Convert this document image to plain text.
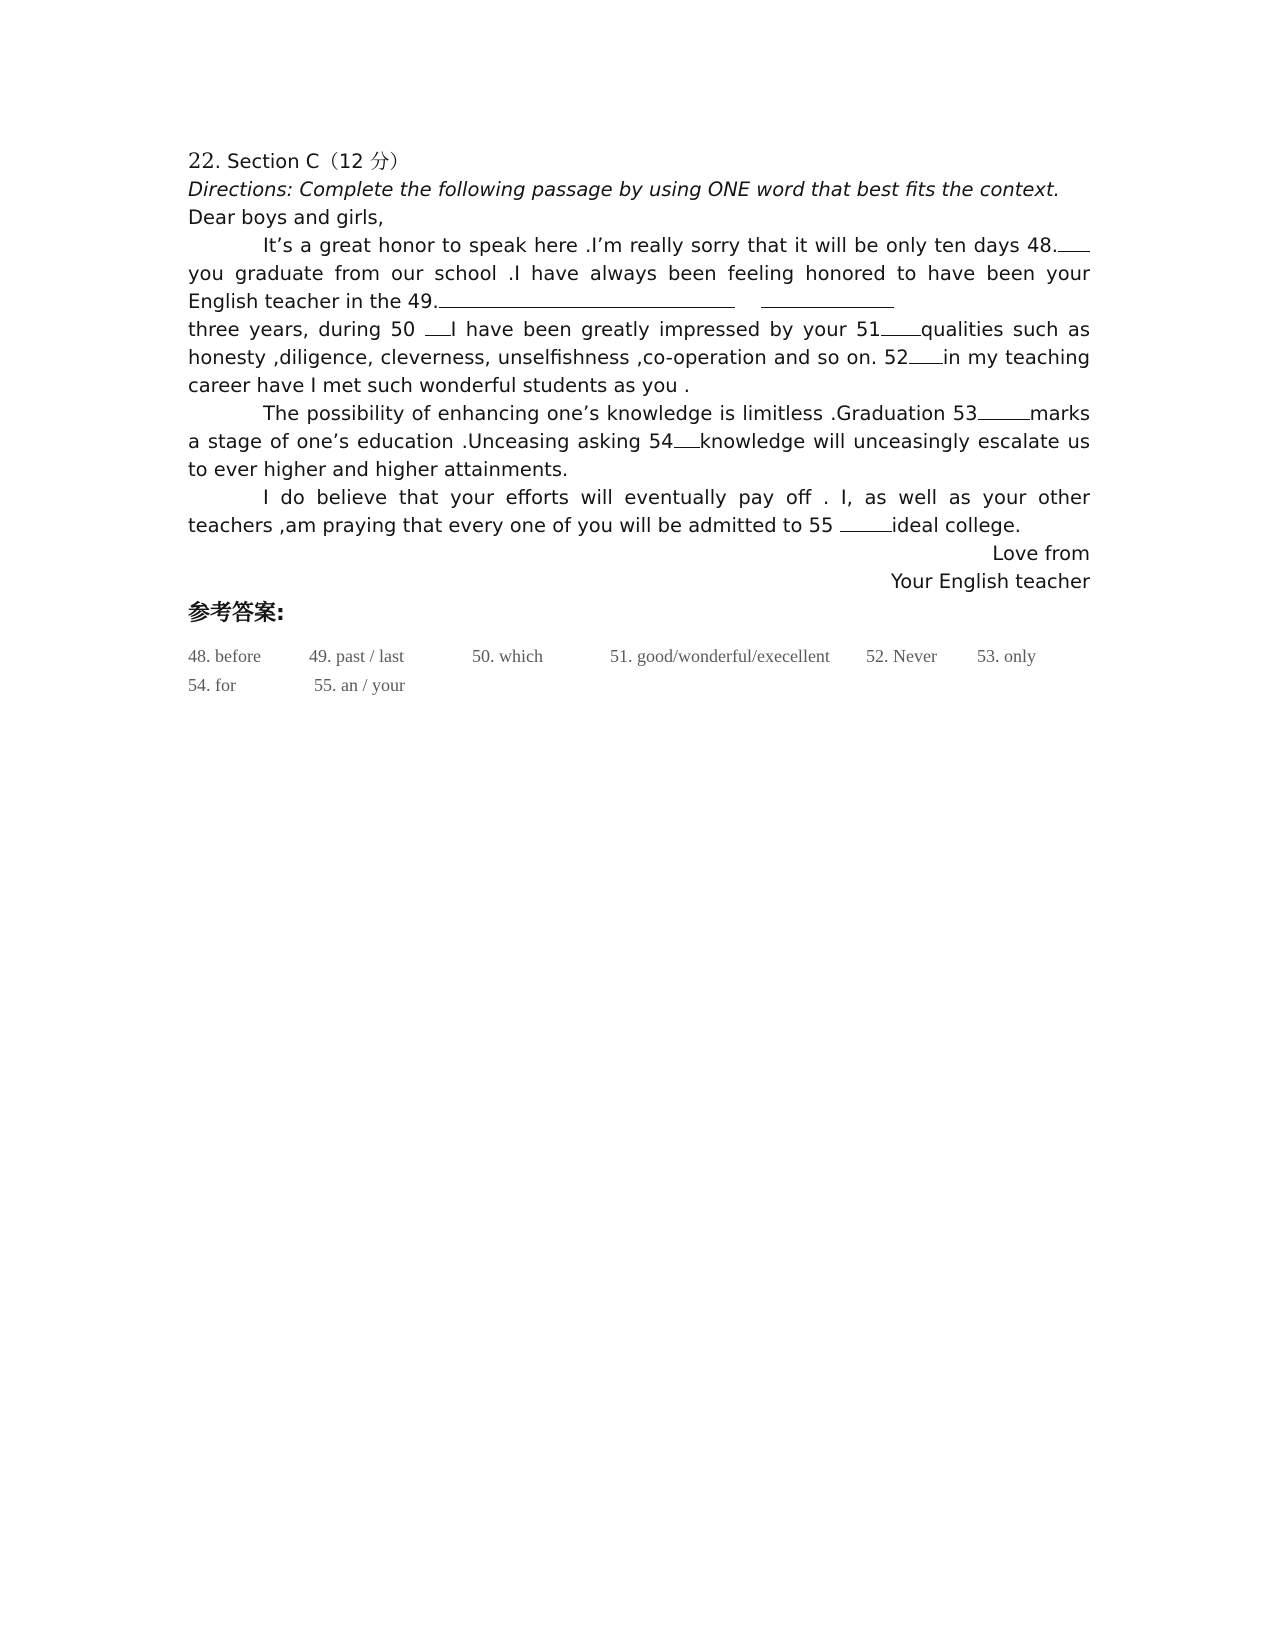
22 . Section C（12 分）

Directions: Complete the following passage by using ONE word that best fits the context.

Dear boys and girls,

It’s a great honor to speak here .I’m really sorry that it will be only ten days 48.you graduate from our school .I have always been feeling honored to have been your English teacher in the 49.

three years, during 50 I have been greatly impressed by your 51 qualities such as honesty ,diligence, cleverness, unselfishness ,co-operation and so on. 52 in my teaching career have I met such wonderful students as you .

The possibility of enhancing one’s knowledge is limitless .Graduation 53	marks a stage of one’s education .Unceasing asking 54 knowledge will unceasingly escalate us to ever higher and higher attainments.

I do believe that your efforts will eventually pay off . I, as well as your other teachers ,am praying that every one of you will be admitted to 55	ideal college.

Love from

Your English teacher

参考答案:

48. before	49. past / last	50. which	51. good/wonderful/execellent 52. Never 53. only
54. for	55. an / your
